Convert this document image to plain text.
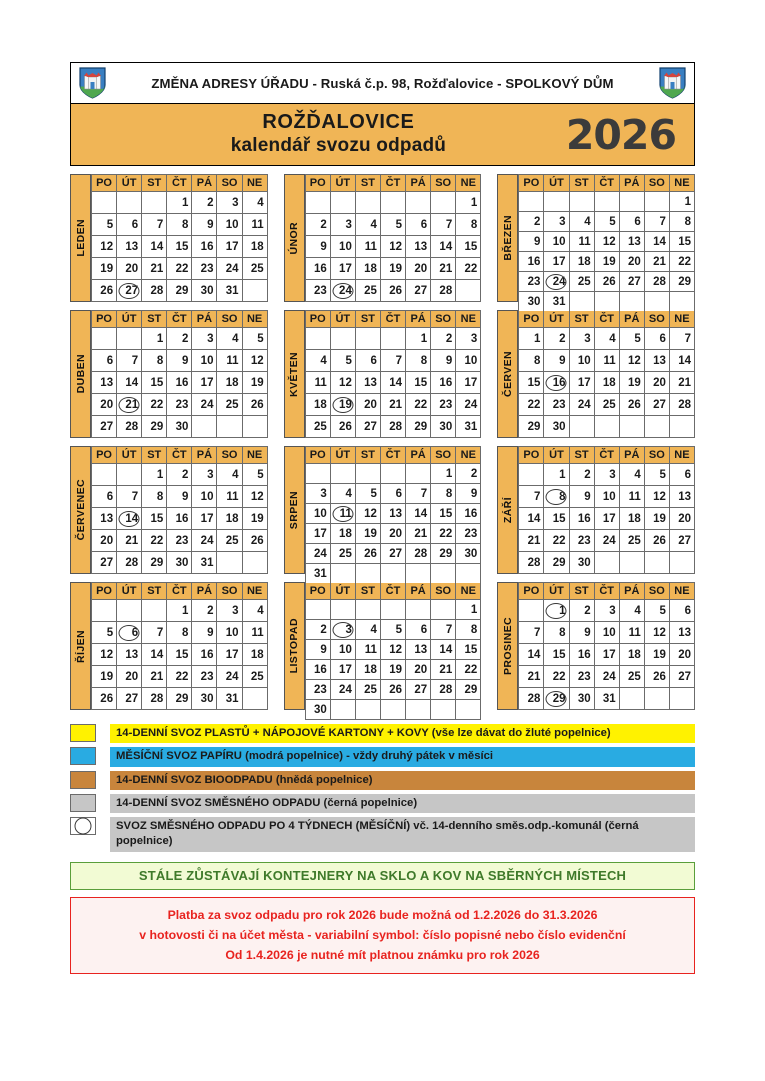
ZMĚNA ADRESY ÚŘADU - Ruská č.p. 98, Rožďalovice - SPOLKOVÝ DŮM
ROŽĎALOVICE
kalendář svozu odpadů	2026
LEDEN
PO	ÚT	ST	ČT	PÁ	SO	NE
			1	2	3	4
5	6	7	8	9	10	11
12	13	14	15	16	17	18
19	20	21	22	23	24	25
26	27	28	29	30	31	
ÚNOR
PO	ÚT	ST	ČT	PÁ	SO	NE
						1
2	3	4	5	6	7	8
9	10	11	12	13	14	15
16	17	18	19	20	21	22
23	24	25	26	27	28	
BŘEZEN
PO	ÚT	ST	ČT	PÁ	SO	NE
						1
2	3	4	5	6	7	8
9	10	11	12	13	14	15
16	17	18	19	20	21	22
23	24	25	26	27	28	29
30	31					
DUBEN
PO	ÚT	ST	ČT	PÁ	SO	NE
		1	2	3	4	5
6	7	8	9	10	11	12
13	14	15	16	17	18	19
20	21	22	23	24	25	26
27	28	29	30			
KVĚTEN
PO	ÚT	ST	ČT	PÁ	SO	NE
				1	2	3
4	5	6	7	8	9	10
11	12	13	14	15	16	17
18	19	20	21	22	23	24
25	26	27	28	29	30	31
ČERVEN
PO	ÚT	ST	ČT	PÁ	SO	NE
1	2	3	4	5	6	7
8	9	10	11	12	13	14
15	16	17	18	19	20	21
22	23	24	25	26	27	28
29	30					
ČERVENEC
PO	ÚT	ST	ČT	PÁ	SO	NE
		1	2	3	4	5
6	7	8	9	10	11	12
13	14	15	16	17	18	19
20	21	22	23	24	25	26
27	28	29	30	31		
SRPEN
PO	ÚT	ST	ČT	PÁ	SO	NE
					1	2
3	4	5	6	7	8	9
10	11	12	13	14	15	16
17	18	19	20	21	22	23
24	25	26	27	28	29	30
31						
ZÁŘÍ
PO	ÚT	ST	ČT	PÁ	SO	NE
	1	2	3	4	5	6
7	8	9	10	11	12	13
14	15	16	17	18	19	20
21	22	23	24	25	26	27
28	29	30				
ŘÍJEN
PO	ÚT	ST	ČT	PÁ	SO	NE
			1	2	3	4
5	6	7	8	9	10	11
12	13	14	15	16	17	18
19	20	21	22	23	24	25
26	27	28	29	30	31	
LISTOPAD
PO	ÚT	ST	ČT	PÁ	SO	NE
						1
2	3	4	5	6	7	8
9	10	11	12	13	14	15
16	17	18	19	20	21	22
23	24	25	26	27	28	29
30						
PROSINEC
PO	ÚT	ST	ČT	PÁ	SO	NE
	1	2	3	4	5	6
7	8	9	10	11	12	13
14	15	16	17	18	19	20
21	22	23	24	25	26	27
28	29	30	31			
14-DENNÍ SVOZ PLASTŮ + NÁPOJOVÉ KARTONY + KOVY (vše lze dávat do žluté popelnice)
MĚSÍČNÍ SVOZ PAPÍRU (modrá popelnice) - vždy druhý pátek v měsíci
14-DENNÍ SVOZ BIOODPADU (hnědá popelnice)
14-DENNÍ SVOZ SMĚSNÉHO ODPADU (černá popelnice)
SVOZ SMĚSNÉHO ODPADU PO 4 TÝDNECH (MĚSÍČNÍ) vč. 14-denního směs.odp.-komunál (černá popelnice)
STÁLE ZŮSTÁVAJÍ KONTEJNERY NA SKLO A KOV NA SBĚRNÝCH MÍSTECH
Platba za svoz odpadu pro rok 2026 bude možná od 1.2.2026 do 31.3.2026
v hotovosti či na účet města - variabilní symbol: číslo popisné nebo číslo evidenční
Od 1.4.2026 je nutné mít platnou známku pro rok 2026
